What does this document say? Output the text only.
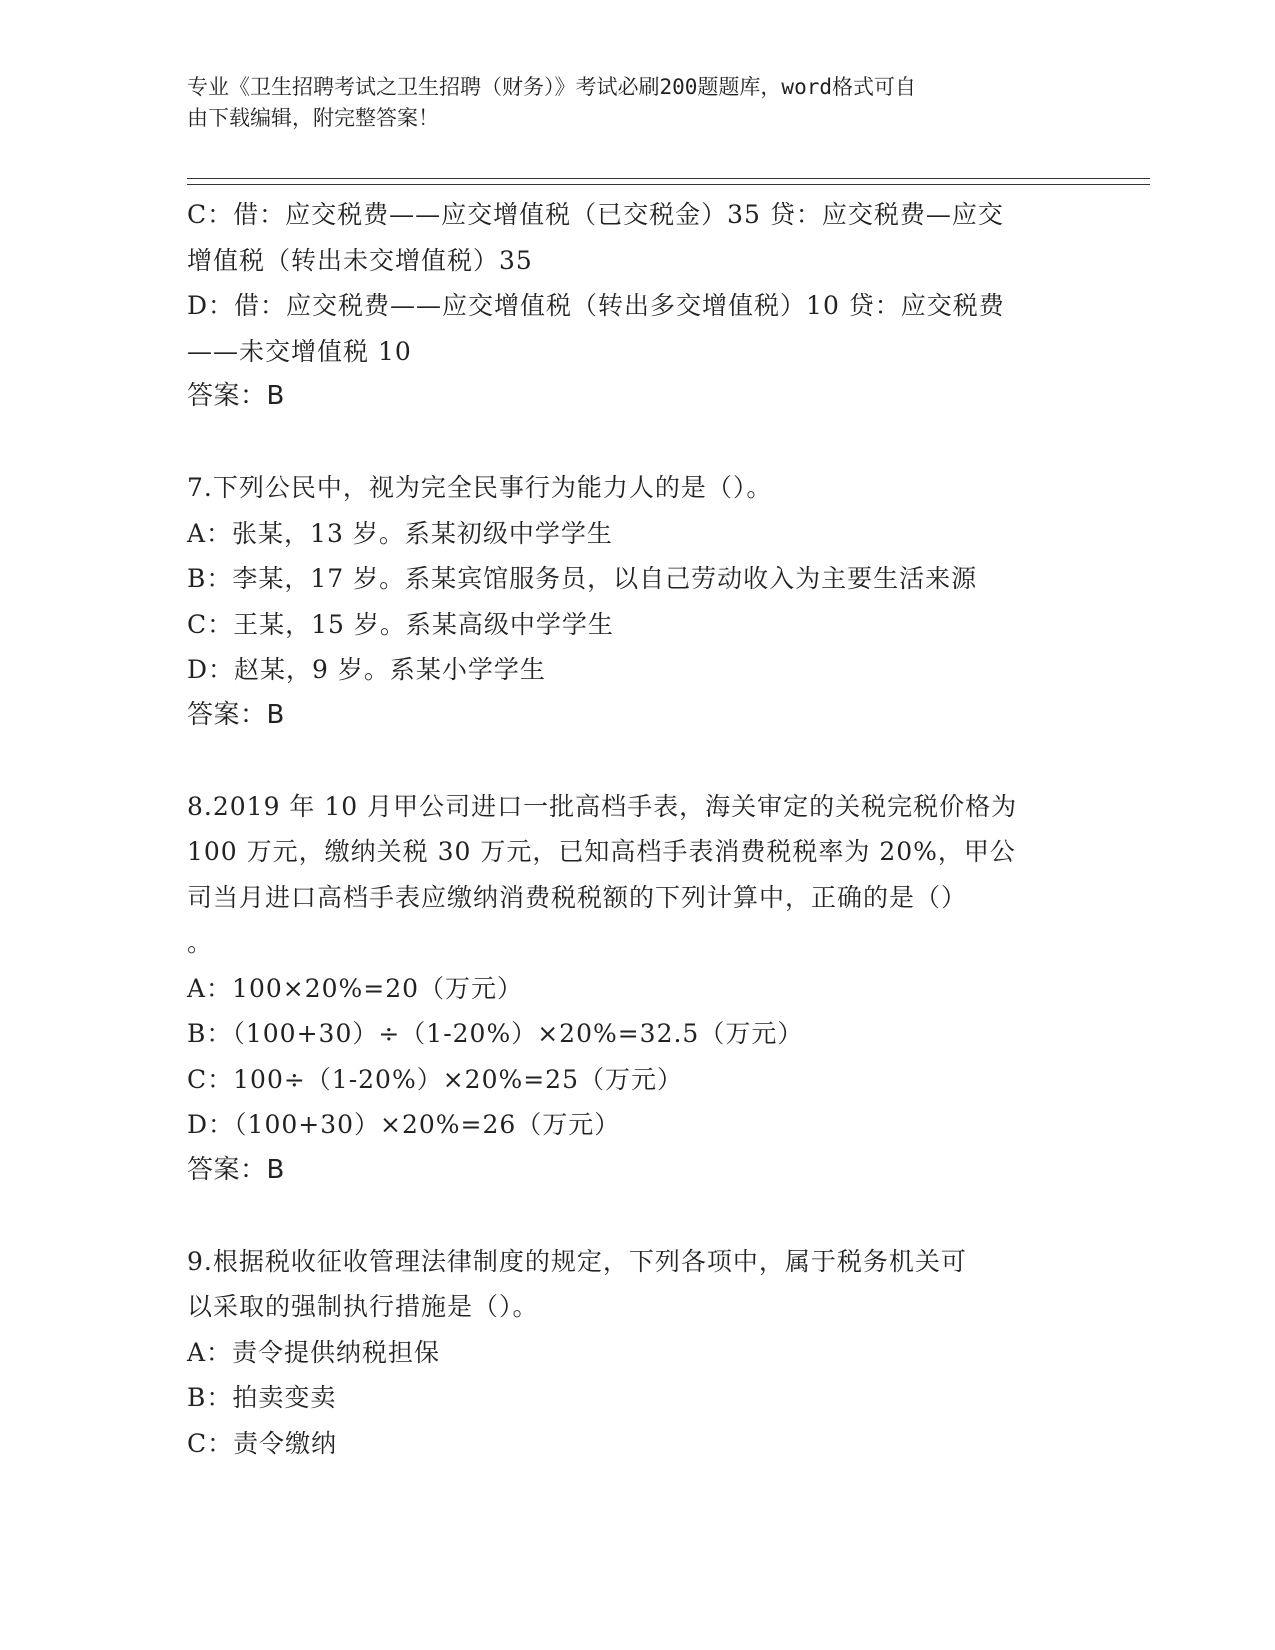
专业《卫生招聘考试之卫生招聘（财务）》考试必刷200题题库，word格式可自
由下载编辑，附完整答案！
C：借：应交税费——应交增值税（已交税金）35 贷：应交税费—应交
增值税（转出未交增值税）35
D：借：应交税费——应交增值税（转出多交增值税）10 贷：应交税费
——未交增值税 10
答案：B
7.下列公民中，视为完全民事行为能力人的是（）。
A：张某，13 岁。系某初级中学学生
B：李某，17 岁。系某宾馆服务员，以自己劳动收入为主要生活来源
C：王某，15 岁。系某高级中学学生
D：赵某，9 岁。系某小学学生
答案：B
8.2019 年 10 月甲公司进口一批高档手表，海关审定的关税完税价格为
100 万元，缴纳关税 30 万元，已知高档手表消费税税率为 20%，甲公
司当月进口高档手表应缴纳消费税税额的下列计算中，正确的是（）
。
A：100×20%=20（万元）
B：（100+30）÷（1-20%）×20%=32.5（万元）
C：100÷（1-20%）×20%=25（万元）
D：（100+30）×20%=26（万元）
答案：B
9.根据税收征收管理法律制度的规定，下列各项中，属于税务机关可
以采取的强制执行措施是（）。
A：责令提供纳税担保
B：拍卖变卖
C：责令缴纳
